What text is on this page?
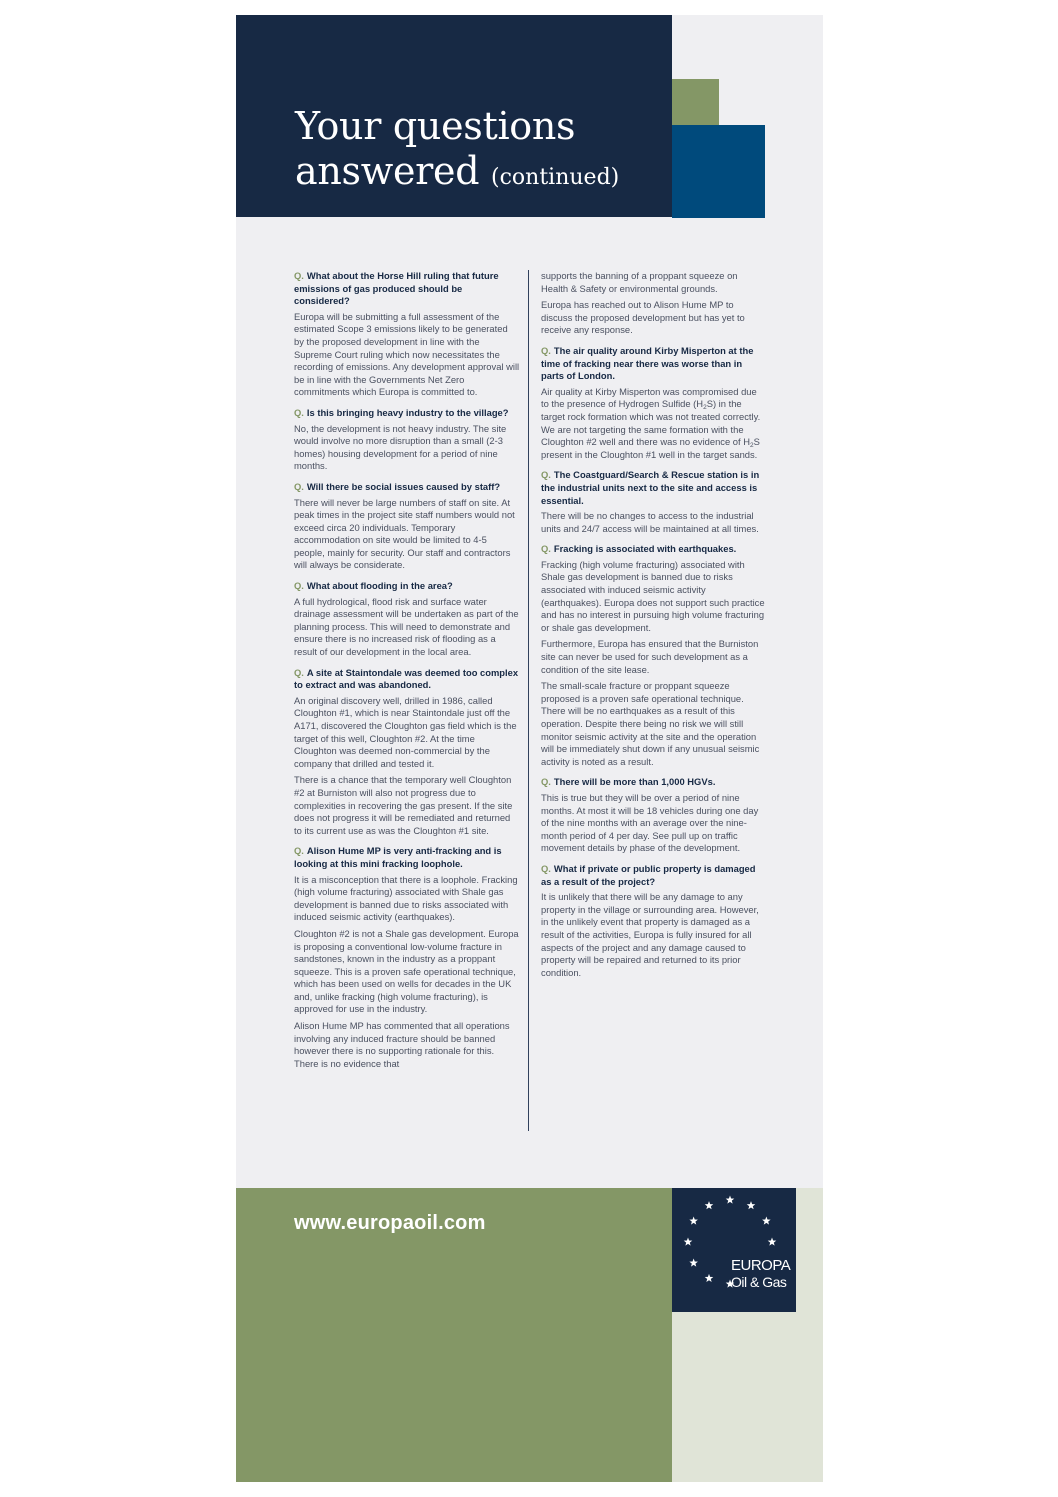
Your questions
answered (continued)

Q. What about the Horse Hill ruling that future emissions of gas produced should be considered?

Europa will be submitting a full assessment of the estimated Scope 3 emissions likely to be generated by the proposed development in line with the Supreme Court ruling which now necessitates the recording of emissions. Any development approval will be in line with the Governments Net Zero commitments which Europa is committed to.

Q. Is this bringing heavy industry to the village?

No, the development is not heavy industry. The site would involve no more disruption than a small (2-3 homes) housing development for a period of nine months.

Q. Will there be social issues caused by staff?

There will never be large numbers of staff on site. At peak times in the project site staff numbers would not exceed circa 20 individuals. Temporary accommodation on site would be limited to 4-5 people, mainly for security. Our staff and contractors will always be considerate.

Q. What about flooding in the area?

A full hydrological, flood risk and surface water drainage assessment will be undertaken as part of the planning process. This will need to demonstrate and ensure there is no increased risk of flooding as a result of our development in the local area.

Q. A site at Staintondale was deemed too complex to extract and was abandoned.

An original discovery well, drilled in 1986, called Cloughton #1, which is near Staintondale just off the A171, discovered the Cloughton gas field which is the target of this well, Cloughton #2. At the time Cloughton was deemed non-commercial by the company that drilled and tested it.

There is a chance that the temporary well Cloughton #2 at Burniston will also not progress due to complexities in recovering the gas present. If the site does not progress it will be remediated and returned to its current use as was the Cloughton #1 site.

Q. Alison Hume MP is very anti-fracking and is looking at this mini fracking loophole.

It is a misconception that there is a loophole. Fracking (high volume fracturing) associated with Shale gas development is banned due to risks associated with induced seismic activity (earthquakes).

Cloughton #2 is not a Shale gas development. Europa is proposing a conventional low-volume fracture in sandstones, known in the industry as a proppant squeeze. This is a proven safe operational technique, which has been used on wells for decades in the UK and, unlike fracking (high volume fracturing), is approved for use in the industry.

Alison Hume MP has commented that all operations involving any induced fracture should be banned however there is no supporting rationale for this. There is no evidence that

supports the banning of a proppant squeeze on Health & Safety or environmental grounds.

Europa has reached out to Alison Hume MP to discuss the proposed development but has yet to receive any response.

Q. The air quality around Kirby Misperton at the time of fracking near there was worse than in parts of London.

Air quality at Kirby Misperton was compromised due to the presence of Hydrogen Sulfide $(H_2S)$ in the target rock formation which was not treated correctly. We are not targeting the same formation with the Cloughton #2 well and there was no evidence of $H_2S$ present in the Cloughton #1 well in the target sands.

Q. The Coastguard/Search & Rescue station is in the industrial units next to the site and access is essential.

There will be no changes to access to the industrial units and 24/7 access will be maintained at all times.

Q. Fracking is associated with earthquakes.

Fracking (high volume fracturing) associated with Shale gas development is banned due to risks associated with induced seismic activity (earthquakes). Europa does not support such practice and has no interest in pursuing high volume fracturing or shale gas development.

Furthermore, Europa has ensured that the Burniston site can never be used for such development as a condition of the site lease.

The small-scale fracture or proppant squeeze proposed is a proven safe operational technique. There will be no earthquakes as a result of this operation. Despite there being no risk we will still monitor seismic activity at the site and the operation will be immediately shut down if any unusual seismic activity is noted as a result.

Q. There will be more than 1,000 HGVs.

This is true but they will be over a period of nine months. At most it will be 18 vehicles during one day of the nine months with an average over the nine-month period of 4 per day. See pull up on traffic movement details by phase of the development.

Q. What if private or public property is damaged as a result of the project?

It is unlikely that there will be any damage to any property in the village or surrounding area. However, in the unlikely event that property is damaged as a result of the activities, Europa is fully insured for all aspects of the project and any damage caused to property will be repaired and returned to its prior condition.

www.europaoil.com

EUROPA
Oil & Gas
